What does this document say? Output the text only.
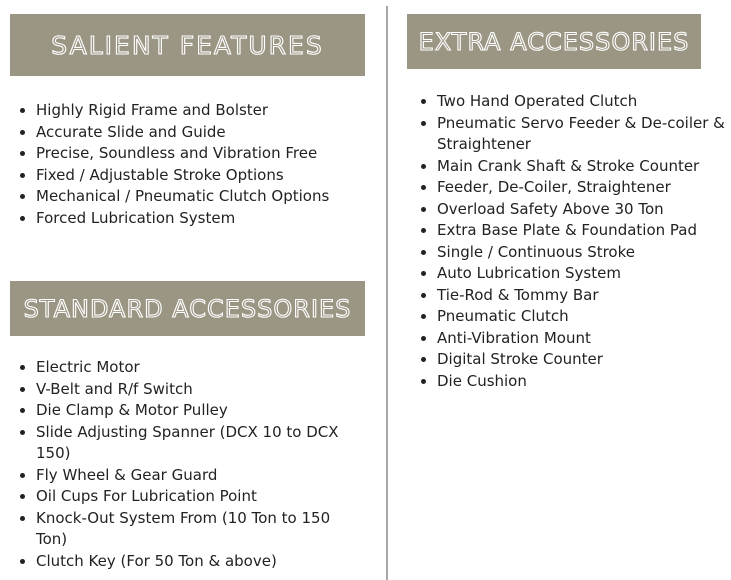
SALIENT FEATURES
• Highly Rigid Frame and Bolster
• Accurate Slide and Guide
• Precise, Soundless and Vibration Free
• Fixed / Adjustable Stroke Options
• Mechanical / Pneumatic Clutch Options
• Forced Lubrication System
STANDARD ACCESSORIES
• Electric Motor
• V-Belt and R/f Switch
• Die Clamp & Motor Pulley
• Slide Adjusting Spanner (DCX 10 to DCX 150)
• Fly Wheel & Gear Guard
• Oil Cups For Lubrication Point
• Knock-Out System From (10 Ton to 150 Ton)
• Clutch Key (For 50 Ton & above)
EXTRA ACCESSORIES
• Two Hand Operated Clutch
• Pneumatic Servo Feeder & De-coiler & Straightener
• Main Crank Shaft & Stroke Counter
• Feeder, De-Coiler, Straightener
• Overload Safety Above 30 Ton
• Extra Base Plate & Foundation Pad
• Single / Continuous Stroke
• Auto Lubrication System
• Tie-Rod & Tommy Bar
• Pneumatic Clutch
• Anti-Vibration Mount
• Digital Stroke Counter
• Die Cushion
